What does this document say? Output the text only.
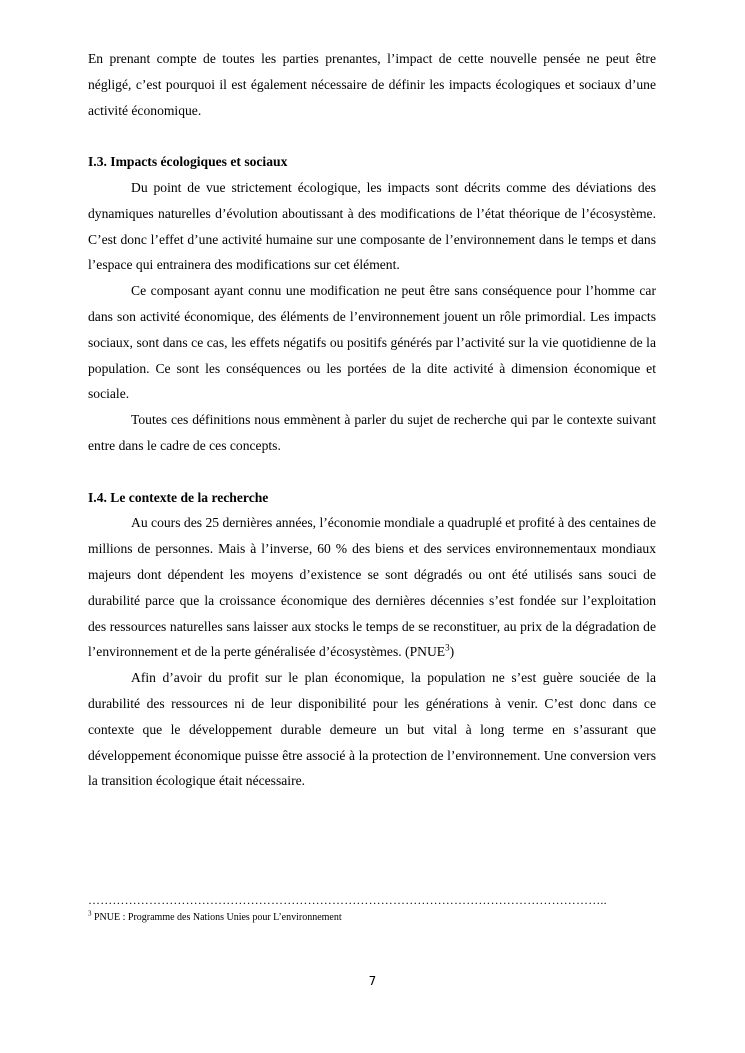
En prenant compte de toutes les parties prenantes, l’impact de cette nouvelle pensée ne peut être négligé, c’est pourquoi il est également nécessaire de définir les impacts écologiques et sociaux d’une activité économique.

I.3. Impacts écologiques et sociaux

Du point de vue strictement écologique, les impacts sont décrits comme des déviations des dynamiques naturelles d’évolution aboutissant à des modifications de l’état théorique de l’écosystème. C’est donc l’effet d’une activité humaine sur une composante de l’environnement dans le temps et dans l’espace qui entrainera des modifications sur cet élément.

Ce composant ayant connu une modification ne peut être sans conséquence pour l’homme car dans son activité économique, des éléments de l’environnement jouent un rôle primordial. Les impacts sociaux, sont dans ce cas, les effets négatifs ou positifs générés par l’activité sur la vie quotidienne de la population. Ce sont les conséquences ou les portées de la dite activité à dimension économique et sociale.

Toutes ces définitions nous emmènent à parler du sujet de recherche qui par le contexte suivant entre dans le cadre de ces concepts.

I.4. Le contexte de la recherche

Au cours des 25 dernières années, l’économie mondiale a quadruplé et profité à des centaines de millions de personnes. Mais à l’inverse, 60 % des biens et des services environnementaux mondiaux majeurs dont dépendent les moyens d’existence se sont dégradés ou ont été utilisés sans souci de durabilité parce que la croissance économique des dernières décennies s’est fondée sur l’exploitation des ressources naturelles sans laisser aux stocks le temps de se reconstituer, au prix de la dégradation de l’environnement et de la perte généralisée d’écosystèmes. (PNUE$^3$)

Afin d’avoir du profit sur le plan économique, la population ne s’est guère souciée de la durabilité des ressources ni de leur disponibilité pour les générations à venir. C’est donc dans ce contexte que le développement durable demeure un but vital à long terme en s’assurant que développement économique puisse être associé à la protection de l’environnement. Une conversion vers la transition écologique était nécessaire.

………………………………………………………………………………………………………………..
$^3$ PNUE : Programme des Nations Unies pour L’environnement
7
